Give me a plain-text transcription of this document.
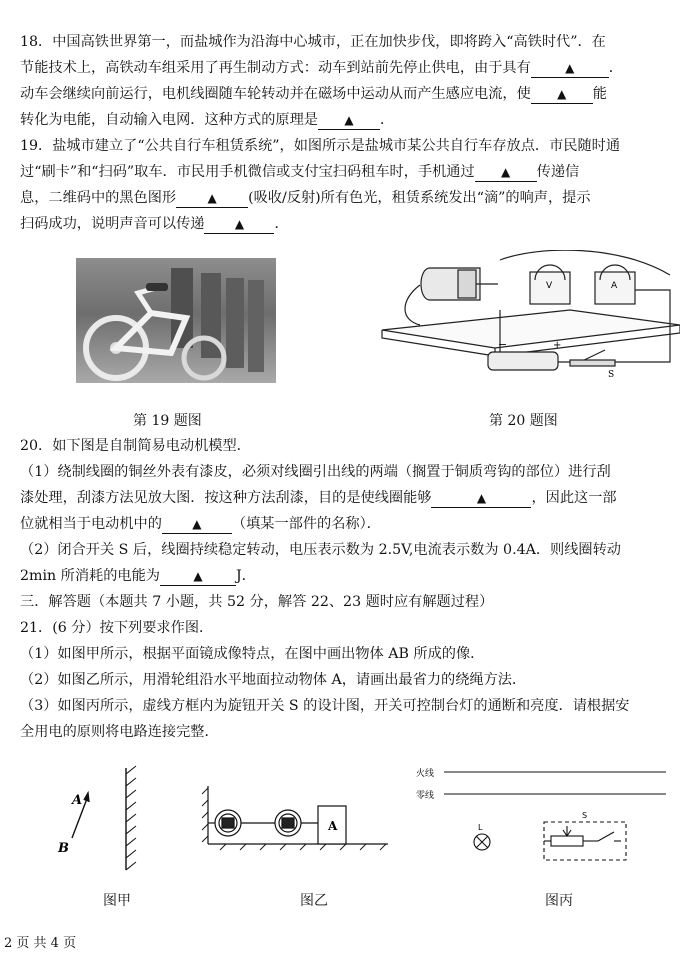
18．中国高铁世界第一，而盐城作为沿海中心城市，正在加快步伐，即将跨入“高铁时代”．在
节能技术上，高铁动车组采用了再生制动方式：动车到站前先停止供电，由于具有	▲ ．
动车会继续向前运行，电机线圈随车轮转动并在磁场中运动从而产生感应电流，使 ▲ 能
转化为电能，自动输入电网．这种方式的原理是 ▲ ．
19．盐城市建立了“公共自行车租赁系统”，如图所示是盐城市某公共自行车存放点．市民随时通
过“刷卡”和“扫码”取车．市民用手机微信或支付宝扫码租车时，手机通过 ▲ 传递信
息，二维码中的黑色图形	▲ (吸收/反射)所有色光，租赁系统发出“滴”的响声，提示
扫码成功，说明声音可以传递	▲ ．
S
−	+
V	A
第 19 题图	第 20 题图
20．如下图是自制简易电动机模型．
（1）绕制线圈的铜丝外表有漆皮，必须对线圈引出线的两端（搁置于铜质弯钩的部位）进行刮
漆处理，刮漆方法见放大图．按这种方法刮漆，目的是使线圈能够	▲	，因此这一部
位就相当于电动机中的	▲ （填某一部件的名称）．
（2）闭合开关 S 后，线圈持续稳定转动，电压表示数为 2.5V,电流表示数为 0.4A．则线圈转动
2min 所消耗的电能为	▲ J．
三．解答题（本题共 7 小题，共 52 分，解答 22、23 题时应有解题过程）
21．(6 分）按下列要求作图．
（1）如图甲所示，根据平面镜成像特点，在图中画出物体 AB 所成的像．
（2）如图乙所示，用滑轮组沿水平地面拉动物体 A，请画出最省力的绕绳方法．
（3）如图丙所示，虚线方框内为旋钮开关 S 的设计图，开关可控制台灯的通断和亮度．请根据安
全用电的原则将电路连接完整．
A
B
A
火线
零线
L
S
图甲	图乙	图丙
2 页 共 4 页
